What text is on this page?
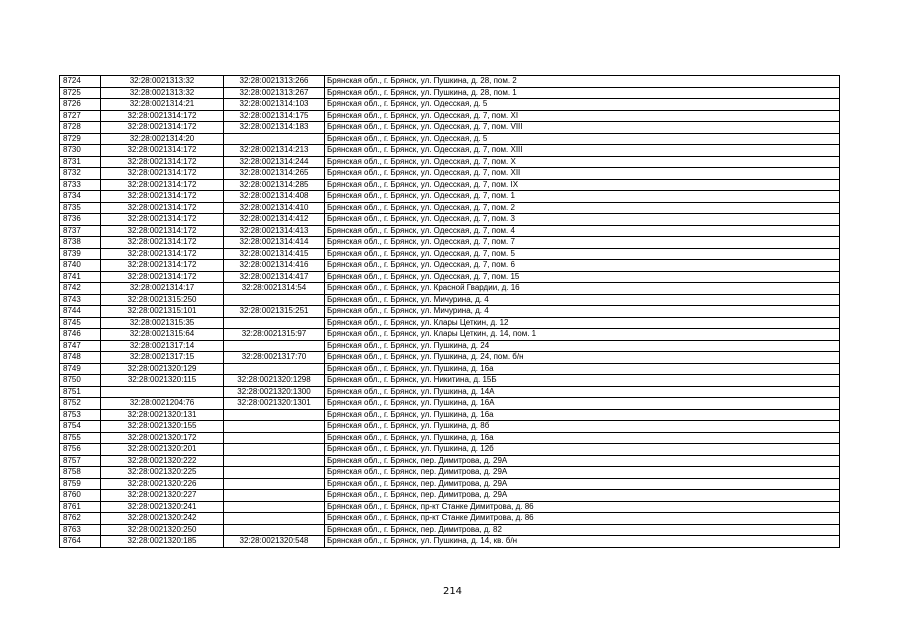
8724	32:28:0021313:32	32:28:0021313:266	Брянская обл., г. Брянск, ул. Пушкина, д. 28, пом. 2
8725	32:28:0021313:32	32:28:0021313:267	Брянская обл., г. Брянск, ул. Пушкина, д. 28, пом. 1
8726	32:28:0021314:21	32:28:0021314:103	Брянская обл., г. Брянск, ул. Одесская, д. 5
8727	32:28:0021314:172	32:28:0021314:175	Брянская обл., г. Брянск, ул. Одесская, д. 7, пом. XI
8728	32:28:0021314:172	32:28:0021314:183	Брянская обл., г. Брянск, ул. Одесская, д. 7, пом. VIII
8729	32:28:0021314:20		Брянская обл., г. Брянск, ул. Одесская, д. 5
8730	32:28:0021314:172	32:28:0021314:213	Брянская обл., г. Брянск, ул. Одесская, д. 7, пом. XIII
8731	32:28:0021314:172	32:28:0021314:244	Брянская обл., г. Брянск, ул. Одесская, д. 7, пом. X
8732	32:28:0021314:172	32:28:0021314:265	Брянская обл., г. Брянск, ул. Одесская, д. 7, пом. XII
8733	32:28:0021314:172	32:28:0021314:285	Брянская обл., г. Брянск, ул. Одесская, д. 7, пом. IX
8734	32:28:0021314:172	32:28:0021314:408	Брянская обл., г. Брянск, ул. Одесская, д. 7, пом. 1
8735	32:28:0021314:172	32:28:0021314:410	Брянская обл., г. Брянск, ул. Одесская, д. 7, пом. 2
8736	32:28:0021314:172	32:28:0021314:412	Брянская обл., г. Брянск, ул. Одесская, д. 7, пом. 3
8737	32:28:0021314:172	32:28:0021314:413	Брянская обл., г. Брянск, ул. Одесская, д. 7, пом. 4
8738	32:28:0021314:172	32:28:0021314:414	Брянская обл., г. Брянск, ул. Одесская, д. 7, пом. 7
8739	32:28:0021314:172	32:28:0021314:415	Брянская обл., г. Брянск, ул. Одесская, д. 7, пом. 5
8740	32:28:0021314:172	32:28:0021314:416	Брянская обл., г. Брянск, ул. Одесская, д. 7, пом. 6
8741	32:28:0021314:172	32:28:0021314:417	Брянская обл., г. Брянск, ул. Одесская, д. 7, пом. 15
8742	32:28:0021314:17	32:28:0021314:54	Брянская обл., г. Брянск, ул. Красной Гвардии, д. 16
8743	32:28:0021315:250		Брянская обл., г. Брянск, ул. Мичурина, д. 4
8744	32:28:0021315:101	32:28:0021315:251	Брянская обл., г. Брянск, ул. Мичурина, д. 4
8745	32:28:0021315:35		Брянская обл., г. Брянск, ул. Клары Цеткин, д. 12
8746	32:28:0021315:64	32:28:0021315:97	Брянская обл., г. Брянск, ул. Клары Цеткин, д. 14, пом. 1
8747	32:28:0021317:14		Брянская обл., г. Брянск, ул. Пушкина, д. 24
8748	32:28:0021317:15	32:28:0021317:70	Брянская обл., г. Брянск, ул. Пушкина, д. 24, пом. б/н
8749	32:28:0021320:129		Брянская обл., г. Брянск, ул. Пушкина, д. 16а
8750	32:28:0021320:115	32:28:0021320:1298	Брянская обл., г. Брянск, ул. Никитина, д. 15Б
8751		32:28:0021320:1300	Брянская обл., г. Брянск, ул. Пушкина, д. 14А
8752	32:28:0021204:76	32:28:0021320:1301	Брянская обл., г. Брянск, ул. Пушкина, д. 16А
8753	32:28:0021320:131		Брянская обл., г. Брянск, ул. Пушкина, д. 16а
8754	32:28:0021320:155		Брянская обл., г. Брянск, ул. Пушкина, д. 8б
8755	32:28:0021320:172		Брянская обл., г. Брянск, ул. Пушкина, д. 16а
8756	32:28:0021320:201		Брянская обл., г. Брянск, ул. Пушкина, д. 12б
8757	32:28:0021320:222		Брянская обл., г. Брянск, пер. Димитрова, д. 29А
8758	32:28:0021320:225		Брянская обл., г. Брянск, пер. Димитрова, д. 29А
8759	32:28:0021320:226		Брянская обл., г. Брянск, пер. Димитрова, д. 29А
8760	32:28:0021320:227		Брянская обл., г. Брянск, пер. Димитрова, д. 29А
8761	32:28:0021320:241		Брянская обл., г. Брянск, пр-кт Станке Димитрова, д. 86
8762	32:28:0021320:242		Брянская обл., г. Брянск, пр-кт Станке Димитрова, д. 86
8763	32:28:0021320:250		Брянская обл., г. Брянск, пер. Димитрова, д. 82
8764	32:28:0021320:185	32:28:0021320:548	Брянская обл., г. Брянск, ул. Пушкина, д. 14, кв. б/н
214
